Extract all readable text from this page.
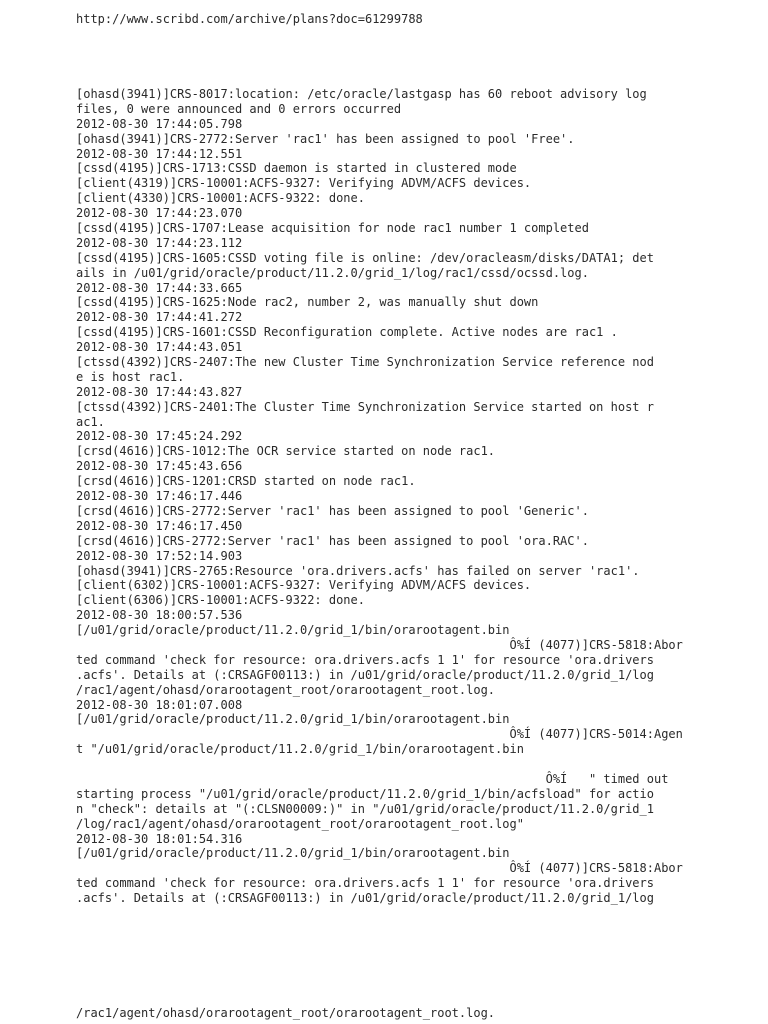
http://www.scribd.com/archive/plans?doc=61299788
[ohasd(3941)]CRS-8017:location: /etc/oracle/lastgasp has 60 reboot advisory log
files, 0 were announced and 0 errors occurred
2012-08-30 17:44:05.798
[ohasd(3941)]CRS-2772:Server 'rac1' has been assigned to pool 'Free'.
2012-08-30 17:44:12.551
[cssd(4195)]CRS-1713:CSSD daemon is started in clustered mode
[client(4319)]CRS-10001:ACFS-9327: Verifying ADVM/ACFS devices.
[client(4330)]CRS-10001:ACFS-9322: done.
2012-08-30 17:44:23.070
[cssd(4195)]CRS-1707:Lease acquisition for node rac1 number 1 completed
2012-08-30 17:44:23.112
[cssd(4195)]CRS-1605:CSSD voting file is online: /dev/oracleasm/disks/DATA1; det
ails in /u01/grid/oracle/product/11.2.0/grid_1/log/rac1/cssd/ocssd.log.
2012-08-30 17:44:33.665
[cssd(4195)]CRS-1625:Node rac2, number 2, was manually shut down
2012-08-30 17:44:41.272
[cssd(4195)]CRS-1601:CSSD Reconfiguration complete. Active nodes are rac1 .
2012-08-30 17:44:43.051
[ctssd(4392)]CRS-2407:The new Cluster Time Synchronization Service reference nod
e is host rac1.
2012-08-30 17:44:43.827
[ctssd(4392)]CRS-2401:The Cluster Time Synchronization Service started on host r
ac1.
2012-08-30 17:45:24.292
[crsd(4616)]CRS-1012:The OCR service started on node rac1.
2012-08-30 17:45:43.656
[crsd(4616)]CRS-1201:CRSD started on node rac1.
2012-08-30 17:46:17.446
[crsd(4616)]CRS-2772:Server 'rac1' has been assigned to pool 'Generic'.
2012-08-30 17:46:17.450
[crsd(4616)]CRS-2772:Server 'rac1' has been assigned to pool 'ora.RAC'.
2012-08-30 17:52:14.903
[ohasd(3941)]CRS-2765:Resource 'ora.drivers.acfs' has failed on server 'rac1'.
[client(6302)]CRS-10001:ACFS-9327: Verifying ADVM/ACFS devices.
[client(6306)]CRS-10001:ACFS-9322: done.
2012-08-30 18:00:57.536
[/u01/grid/oracle/product/11.2.0/grid_1/bin/orarootagent.bin
Ô%Í (4077)]CRS-5818:Abor
ted command 'check for resource: ora.drivers.acfs 1 1' for resource 'ora.drivers
.acfs'. Details at (:CRSAGF00113:) in /u01/grid/oracle/product/11.2.0/grid_1/log
/rac1/agent/ohasd/orarootagent_root/orarootagent_root.log.
2012-08-30 18:01:07.008
[/u01/grid/oracle/product/11.2.0/grid_1/bin/orarootagent.bin
Ô%Í (4077)]CRS-5014:Agen
t "/u01/grid/oracle/product/11.2.0/grid_1/bin/orarootagent.bin
Ô%Í   " timed out
starting process "/u01/grid/oracle/product/11.2.0/grid_1/bin/acfsload" for actio
n "check": details at "(:CLSN00009:)" in "/u01/grid/oracle/product/11.2.0/grid_1
/log/rac1/agent/ohasd/orarootagent_root/orarootagent_root.log"
2012-08-30 18:01:54.316
[/u01/grid/oracle/product/11.2.0/grid_1/bin/orarootagent.bin
Ô%Í (4077)]CRS-5818:Abor
ted command 'check for resource: ora.drivers.acfs 1 1' for resource 'ora.drivers
.acfs'. Details at (:CRSAGF00113:) in /u01/grid/oracle/product/11.2.0/grid_1/log
/rac1/agent/ohasd/orarootagent_root/orarootagent_root.log.
